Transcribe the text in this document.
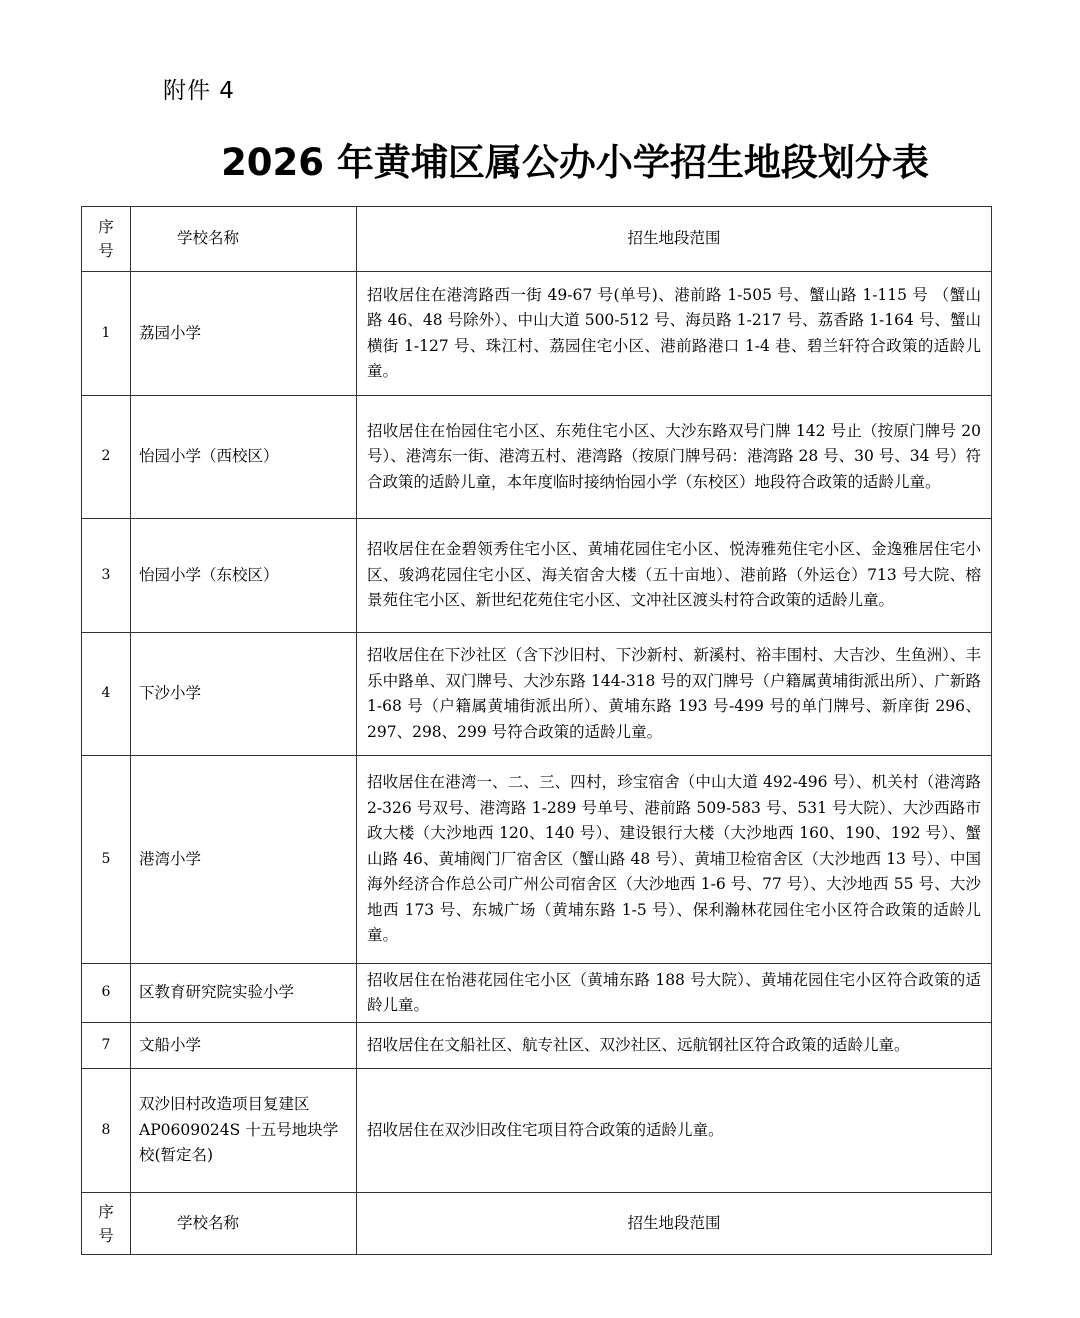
附件 4
2026 年黄埔区属公办小学招生地段划分表
序号	学校名称	招生地段范围
1	荔园小学	招收居住在港湾路西一街 49-67 号(单号)、港前路 1-505 号、蟹山路 1-115 号 （蟹山路 46、48 号除外）、中山大道 500-512 号、海员路 1-217 号、荔香路 1-164 号、蟹山横街 1-127 号、珠江村、荔园住宅小区、港前路港口 1-4 巷、碧兰轩符合政策的适龄儿童。
2	怡园小学（西校区）	招收居住在怡园住宅小区、东苑住宅小区、大沙东路双号门牌 142 号止（按原门牌号 20 号）、港湾东一街、港湾五村、港湾路（按原门牌号码：港湾路 28 号、30 号、34 号）符合政策的适龄儿童，本年度临时接纳怡园小学（东校区）地段符合政策的适龄儿童。
3	怡园小学（东校区）	招收居住在金碧领秀住宅小区、黄埔花园住宅小区、悦涛雅苑住宅小区、金逸雅居住宅小区、骏鸿花园住宅小区、海关宿舍大楼（五十亩地）、港前路（外运仓）713 号大院、榕景苑住宅小区、新世纪花苑住宅小区、文冲社区渡头村符合政策的适龄儿童。
4	下沙小学	招收居住在下沙社区（含下沙旧村、下沙新村、新溪村、裕丰围村、大吉沙、生鱼洲）、丰乐中路单、双门牌号、大沙东路 144-318 号的双门牌号（户籍属黄埔街派出所）、广新路 1-68 号（户籍属黄埔街派出所）、黄埔东路 193 号-499 号的单门牌号、新庠街 296、297、298、299 号符合政策的适龄儿童。
5	港湾小学	招收居住在港湾一、二、三、四村，珍宝宿舍（中山大道 492-496 号）、机关村（港湾路 2-326 号双号、港湾路 1-289 号单号、港前路 509-583 号、531 号大院）、大沙西路市政大楼（大沙地西 120、140 号）、建设银行大楼（大沙地西 160、190、192 号）、蟹山路 46、黄埔阀门厂宿舍区（蟹山路 48 号）、黄埔卫检宿舍区（大沙地西 13 号）、中国海外经济合作总公司广州公司宿舍区（大沙地西 1-6 号、77 号）、大沙地西 55 号、大沙地西 173 号、东城广场（黄埔东路 1-5 号）、保利瀚林花园住宅小区符合政策的适龄儿童。
6	区教育研究院实验小学	招收居住在怡港花园住宅小区（黄埔东路 188 号大院）、黄埔花园住宅小区符合政策的适龄儿童。
7	文船小学	招收居住在文船社区、航专社区、双沙社区、远航钢社区符合政策的适龄儿童。
8	双沙旧村改造项目复建区 AP0609024S 十五号地块学校(暂定名)	招收居住在双沙旧改住宅项目符合政策的适龄儿童。

序号	学校名称	招生地段范围
